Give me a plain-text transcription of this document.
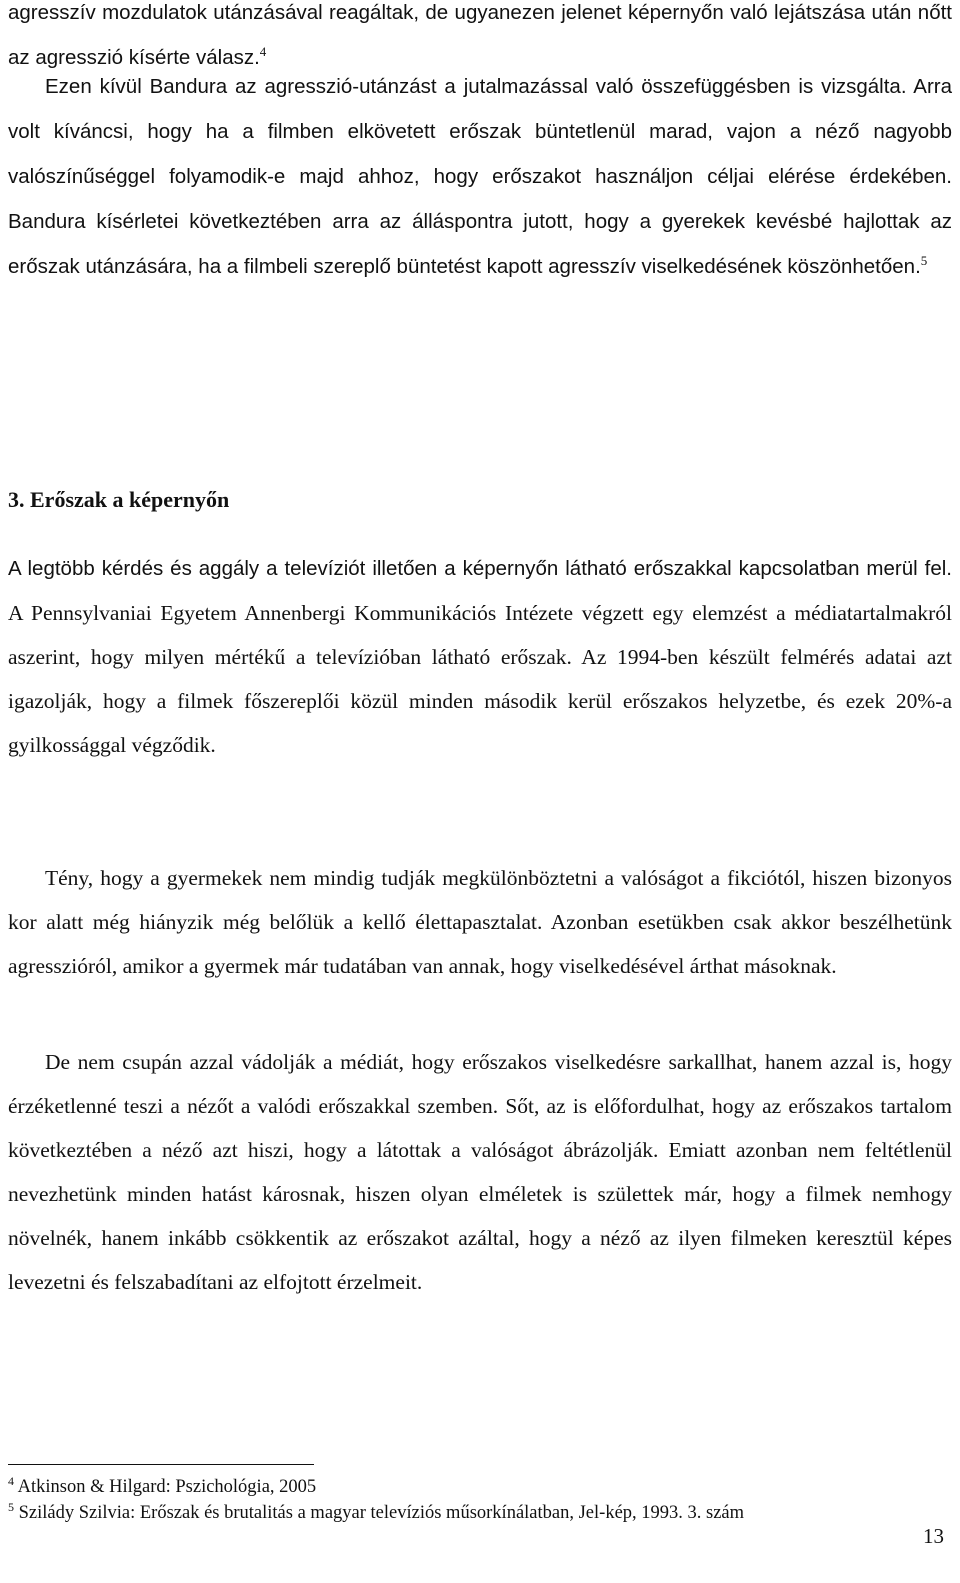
agresszív mozdulatok utánzásával reagáltak, de ugyanezen jelenet képernyőn való lejátszása után nőtt az agresszió kísérte válasz.$^4$

Ezen kívül Bandura az agresszió-utánzást a jutalmazással való összefüggésben is vizsgálta. Arra volt kíváncsi, hogy ha a filmben elkövetett erőszak büntetlenül marad, vajon a néző nagyobb valószínűséggel folyamodik-e majd ahhoz, hogy erőszakot használjon céljai elérése érdekében. Bandura kísérletei következtében arra az álláspontra jutott, hogy a gyerekek kevésbé hajlottak az erőszak utánzására, ha a filmbeli szereplő büntetést kapott agresszív viselkedésének köszönhetően.$^5$

3. Erőszak a képernyőn

A legtöbb kérdés és aggály a televíziót illetően a képernyőn látható erőszakkal kapcsolatban merül fel. A Pennsylvaniai Egyetem Annenbergi Kommunikációs Intézete végzett egy elemzést a médiatartalmakról aszerint, hogy milyen mértékű a televízióban látható erőszak. Az 1994-ben készült felmérés adatai azt igazolják, hogy a filmek főszereplői közül minden második kerül erőszakos helyzetbe, és ezek 20%-a gyilkossággal végződik.

Tény, hogy a gyermekek nem mindig tudják megkülönböztetni a valóságot a fikciótól, hiszen bizonyos kor alatt még hiányzik még belőlük a kellő élettapasztalat. Azonban esetükben csak akkor beszélhetünk agresszióról, amikor a gyermek már tudatában van annak, hogy viselkedésével árthat másoknak.

De nem csupán azzal vádolják a médiát, hogy erőszakos viselkedésre sarkallhat, hanem azzal is, hogy érzéketlenné teszi a nézőt a valódi erőszakkal szemben. Sőt, az is előfordulhat, hogy az erőszakos tartalom következtében a néző azt hiszi, hogy a látottak a valóságot ábrázolják. Emiatt azonban nem feltétlenül nevezhetünk minden hatást károsnak, hiszen olyan elméletek is születtek már, hogy a filmek nemhogy növelnék, hanem inkább csökkentik az erőszakot azáltal, hogy a néző az ilyen filmeken keresztül képes levezetni és felszabadítani az elfojtott érzelmeit.

$^4$ Atkinson & Hilgard: Pszichológia, 2005

$^5$ Szilády Szilvia: Erőszak és brutalitás a magyar televíziós műsorkínálatban, Jel-kép, 1993. 3. szám

13
